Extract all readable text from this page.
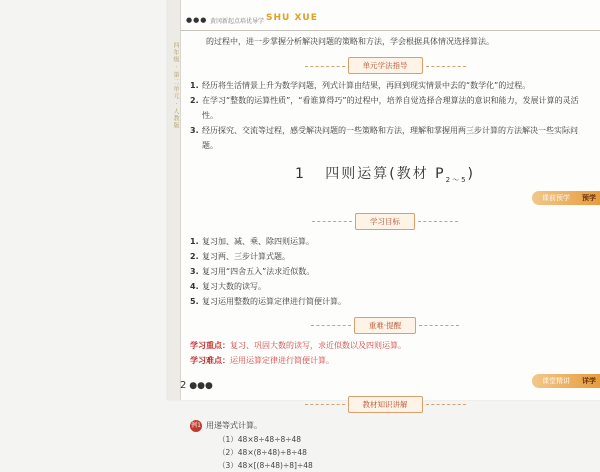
四年级 · 第二单元 · 人教版
●●● 黄冈新起点培优导学 SHU XUE
的过程中，进一步掌握分析解决问题的策略和方法，学会根据具体情况选择算法。
单元学法指导
1. 经历将生活情景上升为数学问题，列式计算由结果，再回到现实情景中去的“数学化”的过程。
2. 在学习“整数的运算性质”，“看谁算得巧”的过程中，培养自觉选择合理算法的意识和能力，发展计算的灵活性。
3. 经历探究、交流等过程，感受解决问题的一些策略和方法，理解和掌握用两三步计算的方法解决一些实际问题。
1 四则运算(教材 $P_{2\sim 5}$)
课前预学 预学
学习目标
1. 复习加、减、乘、除四则运算。
2. 复习两、三步计算式题。
3. 复习用“四舍五入”法求近似数。
4. 复习大数的读写。
5. 复习运用整数的运算定律进行简便计算。
重难·提醒
学习重点：复习、巩固大数的读写，求近似数以及四则运算。
学习难点：运用运算定律进行简便计算。
课堂精讲 详学
教材知识讲解
例1 用递等式计算。
（1）48×8÷48÷8÷48
（2）48×(8÷48)÷8÷48
（3）48×[(8÷48)÷8]÷48
2 ●●●
